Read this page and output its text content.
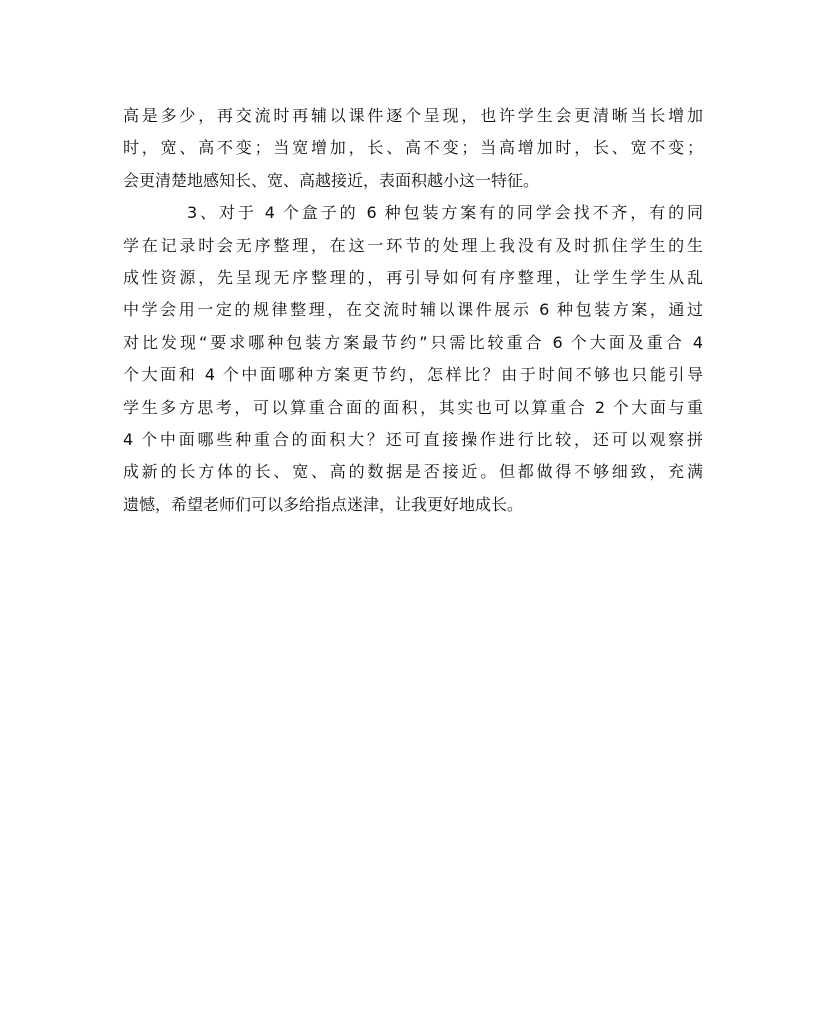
高是多少，再交流时再辅以课件逐个呈现，也许学生会更清晰当长增加
时，宽、高不变；当宽增加，长、高不变；当高增加时，长、宽不变；
会更清楚地感知长、宽、高越接近，表面积越小这一特征。
3、对于 4 个盒子的 6 种包装方案有的同学会找不齐，有的同
学在记录时会无序整理，在这一环节的处理上我没有及时抓住学生的生
成性资源，先呈现无序整理的，再引导如何有序整理，让学生学生从乱
中学会用一定的规律整理，在交流时辅以课件展示 6 种包装方案，通过
对比发现“要求哪种包装方案最节约”只需比较重合 6 个大面及重合 4
个大面和 4 个中面哪种方案更节约，怎样比？由于时间不够也只能引导
学生多方思考，可以算重合面的面积，其实也可以算重合 2 个大面与重
4 个中面哪些种重合的面积大？还可直接操作进行比较，还可以观察拼
成新的长方体的长、宽、高的数据是否接近。但都做得不够细致，充满
遗憾，希望老师们可以多给指点迷津，让我更好地成长。
